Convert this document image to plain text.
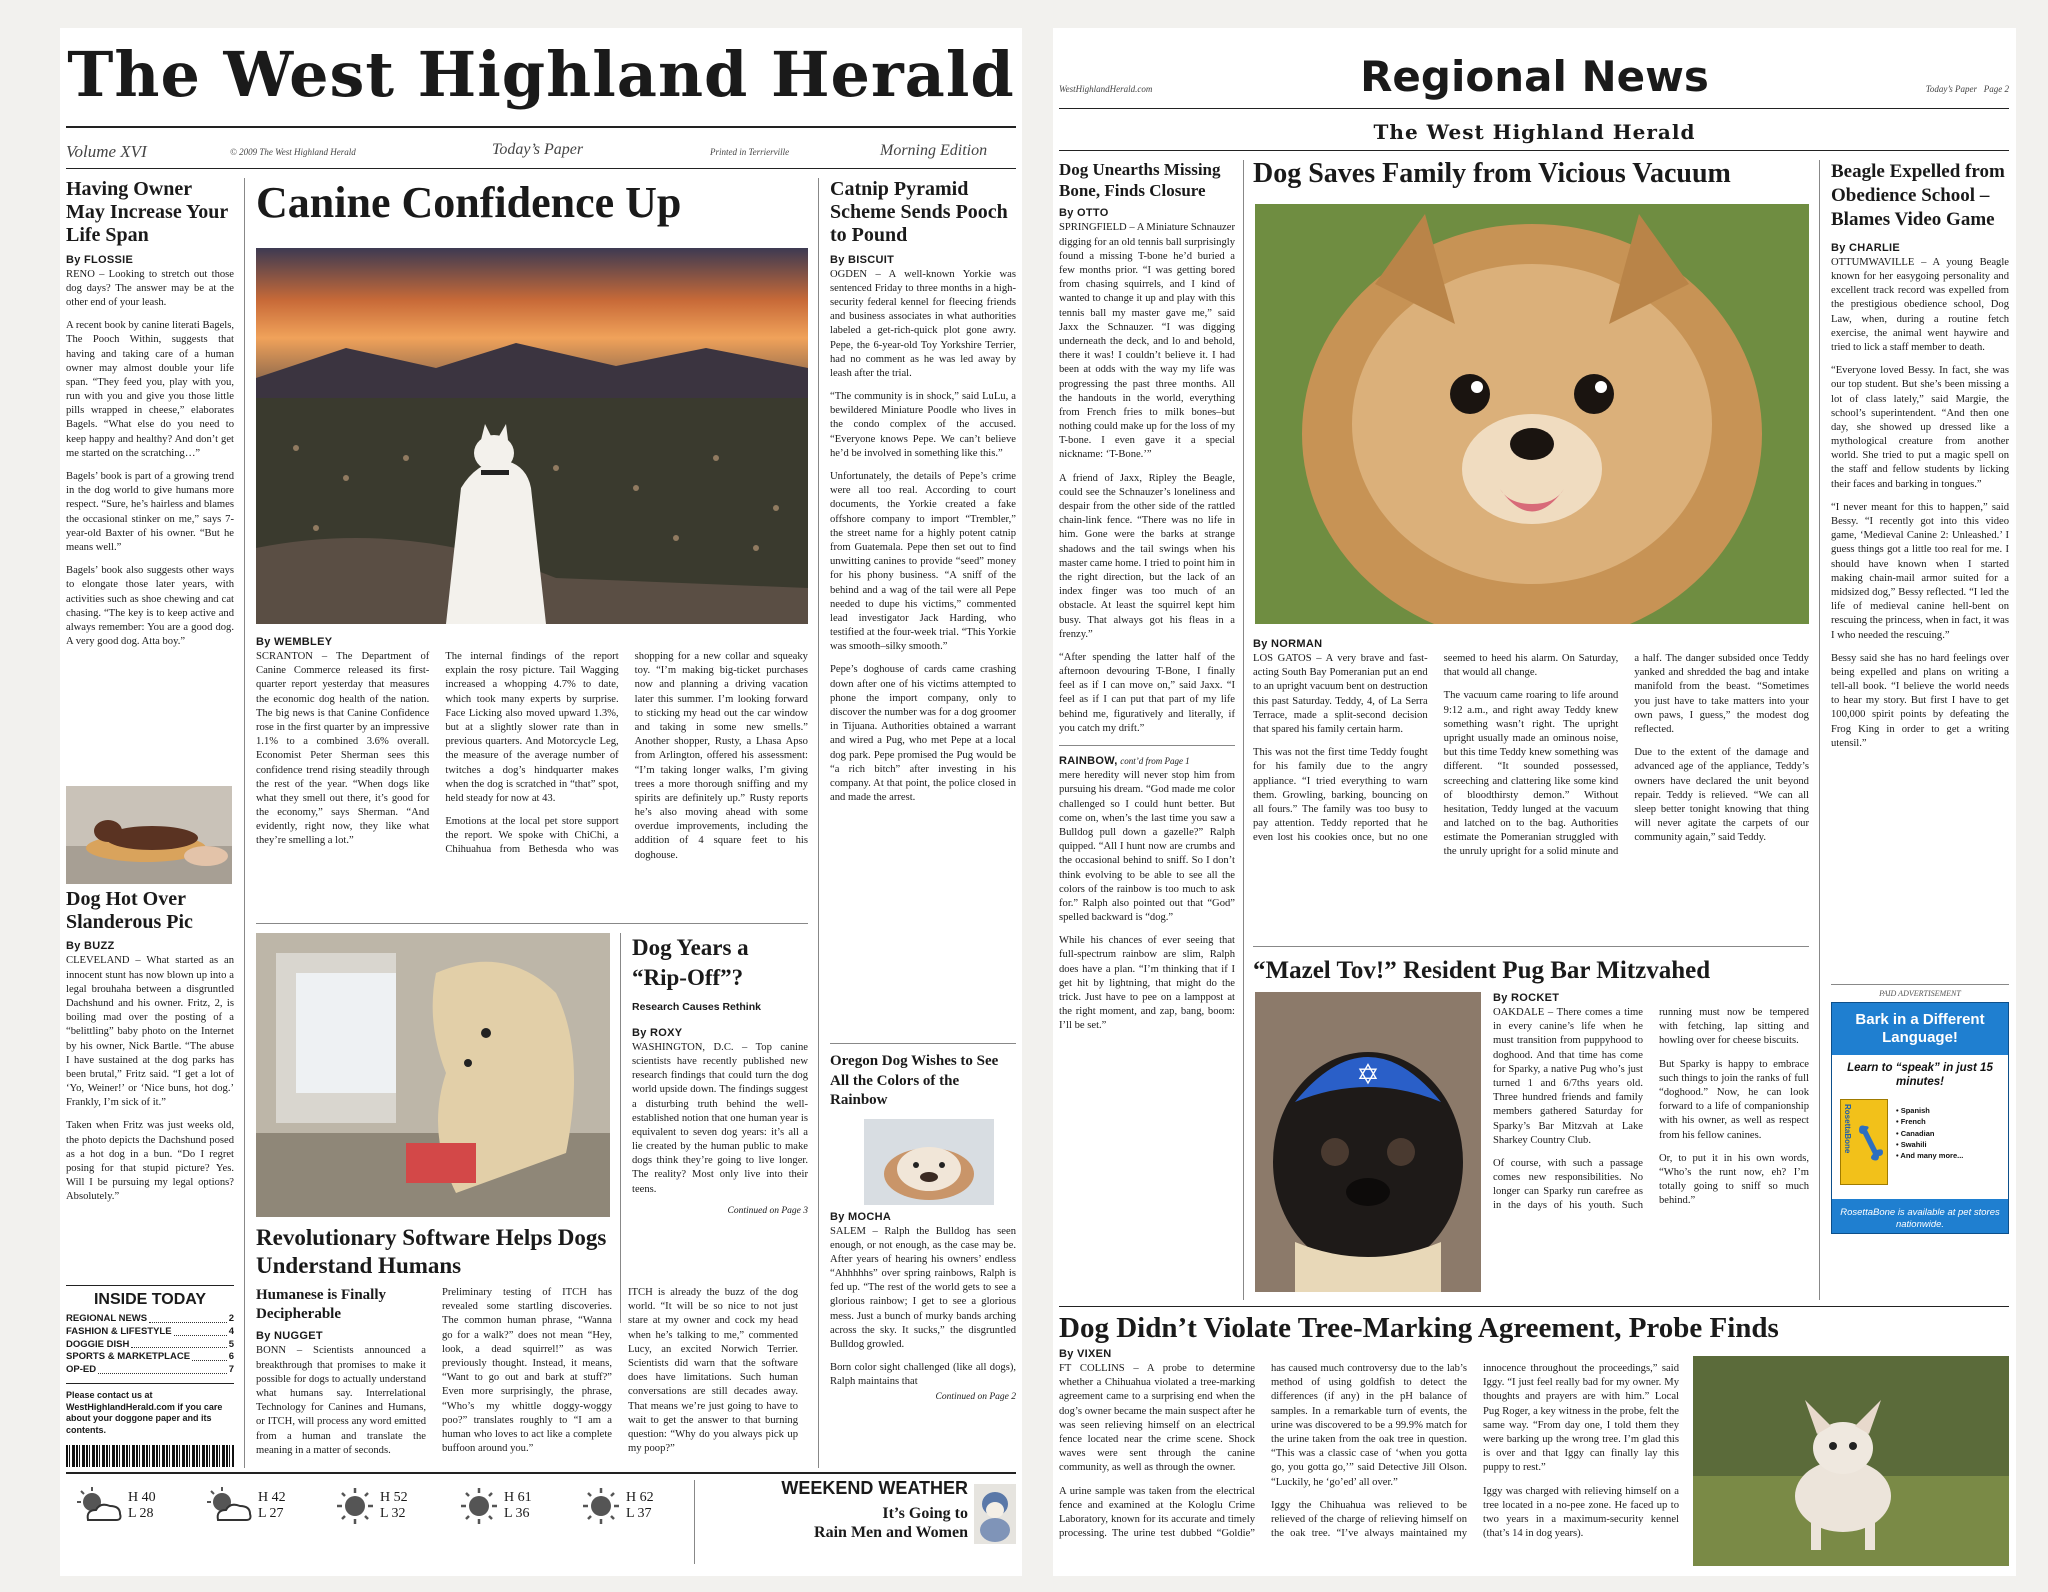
The West Highland Herald
Volume XVI	© 2009 The West Highland Herald	Today’s Paper	Printed in Terrierville	Morning Edition
Having Owner May Increase Your Life Span
By FLOSSIE

RENO – Looking to stretch out those dog days? The answer may be at the other end of your leash.

A recent book by canine literati Bagels, The Pooch Within, suggests that having and taking care of a human owner may almost double your life span. “They feed you, play with you, run with you and give you those little pills wrapped in cheese,” elaborates Bagels. “What else do you need to keep happy and healthy? And don’t get me started on the scratching…”

Bagels’ book is part of a growing trend in the dog world to give humans more respect. “Sure, he’s hairless and blames the occasional stinker on me,” says 7-year-old Baxter of his owner. “But he means well.”

Bagels’ book also suggests other ways to elongate those later years, with activities such as shoe chewing and cat chasing. “The key is to keep active and always remember: You are a good dog. A very good dog. Atta boy.”

Dog Hot Over Slanderous Pic
By BUZZ

CLEVELAND – What started as an innocent stunt has now blown up into a legal brouhaha between a disgruntled Dachshund and his owner. Fritz, 2, is boiling mad over the posting of a “belittling” baby photo on the Internet by his owner, Nick Bartle. “The abuse I have sustained at the dog parks has been brutal,” Fritz said. “I get a lot of ‘Yo, Weiner!’ or ‘Nice buns, hot dog.’ Frankly, I’m sick of it.”

Taken when Fritz was just weeks old, the photo depicts the Dachshund posed as a hot dog in a bun. “Do I regret posing for that stupid picture? Yes. Will I be pursuing my legal options? Absolutely.”

INSIDE TODAY
REGIONAL NEWS	2
FASHION & LIFESTYLE	4
DOGGIE DISH	5
SPORTS & MARKETPLACE	6
OP-ED	7
Please contact us at WestHighlandHerald.com if you care about your doggone paper and its contents.
Canine Confidence Up
By WEMBLEY

SCRANTON – The Department of Canine Commerce released its first-quarter report yesterday that measures the economic dog health of the nation. The big news is that Canine Confidence rose in the first quarter by an impressive 1.1% to a combined 3.6% overall. Economist Peter Sherman sees this confidence trend rising steadily through the rest of the year. “When dogs like what they smell out there, it’s good for the economy,” says Sherman. “And evidently, right now, they like what they’re smelling a lot.”

The internal findings of the report explain the rosy picture. Tail Wagging increased a whopping 4.7% to date, which took many experts by surprise. Face Licking also moved upward 1.3%, but at a slightly slower rate than in previous quarters. And Motorcycle Leg, the measure of the average number of twitches a dog’s hindquarter makes when the dog is scratched in “that” spot, held steady for now at 43.

Emotions at the local pet store support the report. We spoke with ChiChi, a Chihuahua from Bethesda who was shopping for a new collar and squeaky toy. “I’m making big-ticket purchases now and planning a driving vacation later this summer. I’m looking forward to sticking my head out the car window and taking in some new smells.” Another shopper, Rusty, a Lhasa Apso from Arlington, offered his assessment: “I’m taking longer walks, I’m giving trees a more thorough sniffing and my spirits are definitely up.” Rusty reports he’s also moving ahead with some overdue improvements, including the addition of 4 square feet to his doghouse.

Revolutionary Software Helps Dogs Understand Humans
Dog Years a “Rip-Off”?
Research Causes Rethink
By ROXY

WASHINGTON, D.C. – Top canine scientists have recently published new research findings that could turn the dog world upside down. The findings suggest a disturbing truth behind the well-established notion that one human year is equivalent to seven dog years: it’s all a lie created by the human public to make dogs think they’re going to live longer. The reality? Most only live into their teens.

Continued on Page 3
Humanese is Finally Decipherable
By NUGGET

BONN – Scientists announced a breakthrough that promises to make it possible for dogs to actually understand what humans say. Interrelational Technology for Canines and Humans, or ITCH, will process any word emitted from a human and translate the meaning in a matter of seconds.

Preliminary testing of ITCH has revealed some startling discoveries. The common human phrase, “Wanna go for a walk?” does not mean “Hey, look, a dead squirrel!” as was previously thought. Instead, it means, “Want to go out and bark at stuff?” Even more surprisingly, the phrase, “Who’s my whittle doggy-woggy poo?” translates roughly to “I am a human who loves to act like a complete buffoon around you.”

ITCH is already the buzz of the dog world. “It will be so nice to not just stare at my owner and cock my head when he’s talking to me,” commented Lucy, an excited Norwich Terrier. Scientists did warn that the software does have limitations. Such human conversations are still decades away. That means we’re just going to have to wait to get the answer to that burning question: “Why do you always pick up my poop?”

Catnip Pyramid Scheme Sends Pooch to Pound
By BISCUIT

OGDEN – A well-known Yorkie was sentenced Friday to three months in a high-security federal kennel for fleecing friends and business associates in what authorities labeled a get-rich-quick plot gone awry. Pepe, the 6-year-old Toy Yorkshire Terrier, had no comment as he was led away by leash after the trial.

“The community is in shock,” said LuLu, a bewildered Miniature Poodle who lives in the condo complex of the accused. “Everyone knows Pepe. We can’t believe he’d be involved in something like this.”

Unfortunately, the details of Pepe’s crime were all too real. According to court documents, the Yorkie created a fake offshore company to import “Trembler,” the street name for a highly potent catnip from Guatemala. Pepe then set out to find unwitting canines to provide “seed” money for his phony business. “A sniff of the behind and a wag of the tail were all Pepe needed to dupe his victims,” commented lead investigator Jack Harding, who testified at the four-week trial. “This Yorkie was smooth–silky smooth.”

Pepe’s doghouse of cards came crashing down after one of his victims attempted to phone the import company, only to discover the number was for a dog groomer in Tijuana. Authorities obtained a warrant and wired a Pug, who met Pepe at a local dog park. Pepe promised the Pug would be “a rich bitch” after investing in his company. At that point, the police closed in and made the arrest.

Oregon Dog Wishes to See All the Colors of the Rainbow
By MOCHA

SALEM – Ralph the Bulldog has seen enough, or not enough, as the case may be. After years of hearing his owners’ endless “Ahhhhhs” over spring rainbows, Ralph is fed up. “The rest of the world gets to see a glorious rainbow; I get to see a glorious mess. Just a bunch of murky bands arching across the sky. It sucks,” the disgruntled Bulldog growled.

Born color sight challenged (like all dogs), Ralph maintains that

Continued on Page 2
H 40
L 28
H 42
L 27
H 52
L 32
H 61
L 36
H 62
L 37
WEEKEND WEATHER
It’s Going to
Rain Men and Women
WestHighlandHerald.com	Regional News	Today’s Paper   Page 2
The West Highland Herald
Dog Unearths Missing Bone, Finds Closure
By OTTO

SPRINGFIELD – A Miniature Schnauzer digging for an old tennis ball surprisingly found a missing T-bone he’d buried a few months prior. “I was getting bored from chasing squirrels, and I kind of wanted to change it up and play with this tennis ball my master gave me,” said Jaxx the Schnauzer. “I was digging underneath the deck, and lo and behold, there it was! I couldn’t believe it. I had been at odds with the way my life was progressing the past three months. All the handouts in the world, everything from French fries to milk bones–but nothing could make up for the loss of my T-bone. I even gave it a special nickname: ‘T-Bone.’”

A friend of Jaxx, Ripley the Beagle, could see the Schnauzer’s loneliness and despair from the other side of the rattled chain-link fence. “There was no life in him. Gone were the barks at strange shadows and the tail swings when his master came home. I tried to point him in the right direction, but the lack of an index finger was too much of an obstacle. At least the squirrel kept him busy. That always got his fleas in a frenzy.”

“After spending the latter half of the afternoon devouring T-Bone, I finally feel as if I can move on,” said Jaxx. “I feel as if I can put that part of my life behind me, figuratively and literally, if you catch my drift.”

RAINBOW, cont’d from Page 1

mere heredity will never stop him from pursuing his dream. “God made me color challenged so I could hunt better. But come on, when’s the last time you saw a Bulldog pull down a gazelle?” Ralph quipped. “All I hunt now are crumbs and the occasional behind to sniff. So I don’t think evolving to be able to see all the colors of the rainbow is too much to ask for.” Ralph also pointed out that “God” spelled backward is “dog.”

While his chances of ever seeing that full-spectrum rainbow are slim, Ralph does have a plan. “I’m thinking that if I get hit by lightning, that might do the trick. Just have to pee on a lamppost at the right moment, and zap, bang, boom: I’ll be set.”

Dog Saves Family from Vicious Vacuum
By NORMAN

LOS GATOS – A very brave and fast-acting South Bay Pomeranian put an end to an upright vacuum bent on destruction this past Saturday. Teddy, 4, of La Serra Terrace, made a split-second decision that spared his family certain harm.

This was not the first time Teddy fought for his family due to the angry appliance. “I tried everything to warn them. Growling, barking, bouncing on all fours.” The family was too busy to pay attention. Teddy reported that he even lost his cookies once, but no one seemed to heed his alarm. On Saturday, that would all change.

The vacuum came roaring to life around 9:12 a.m., and right away Teddy knew something wasn’t right. The upright upright usually made an ominous noise, but this time Teddy knew something was different. “It sounded possessed, screeching and clattering like some kind of bloodthirsty demon.” Without hesitation, Teddy lunged at the vacuum and latched on to the bag. Authorities estimate the Pomeranian struggled with the unruly upright for a solid minute and a half. The danger subsided once Teddy yanked and shredded the bag and intake manifold from the beast. “Sometimes you just have to take matters into your own paws, I guess,” the modest dog reflected.

Due to the extent of the damage and advanced age of the appliance, Teddy’s owners have declared the unit beyond repair. Teddy is relieved. “We can all sleep better tonight knowing that thing will never agitate the carpets of our community again,” said Teddy.

“Mazel Tov!” Resident Pug Bar Mitzvahed
✡
By ROCKET

OAKDALE – There comes a time in every canine’s life when he must transition from puppyhood to doghood. And that time has come for Sparky, a native Pug who’s just turned 1 and 6/7ths years old. Three hundred friends and family members gathered Saturday for Sparky’s Bar Mitzvah at Lake Sharkey Country Club.

Of course, with such a passage comes new responsibilities. No longer can Sparky run carefree as in the days of his youth. Such running must now be tempered with fetching, lap sitting and howling over for cheese biscuits.

But Sparky is happy to embrace such things to join the ranks of full “doghood.” Now, he can look forward to a life of companionship with his owner, as well as respect from his fellow canines.

Or, to put it in his own words, “Who’s the runt now, eh? I’m totally going to sniff so much behind.”

Beagle Expelled from Obedience School – Blames Video Game
By CHARLIE

OTTUMWAVILLE – A young Beagle known for her easygoing personality and excellent track record was expelled from the prestigious obedience school, Dog Law, when, during a routine fetch exercise, the animal went haywire and tried to lick a staff member to death.

“Everyone loved Bessy. In fact, she was our top student. But she’s been missing a lot of class lately,” said Margie, the school’s superintendent. “And then one day, she showed up dressed like a mythological creature from another world. She tried to put a magic spell on the staff and fellow students by licking their faces and barking in tongues.”

“I never meant for this to happen,” said Bessy. “I recently got into this video game, ‘Medieval Canine 2: Unleashed.’ I guess things got a little too real for me. I should have known when I started making chain-mail armor suited for a midsized dog,” Bessy reflected. “I led the life of medieval canine hell-bent on rescuing the princess, when in fact, it was I who needed the rescuing.”

Bessy said she has no hard feelings over being expelled and plans on writing a tell-all book. “I believe the world needs to hear my story. But first I have to get 100,000 spirit points by defeating the Frog King in order to get a writing utensil.”

PAID ADVERTISEMENT
Bark in a Different Language!
Learn to “speak” in just 15 minutes!
RosettaBone	• Spanish
• French
• Canadian
• Swahili
• And many more...
RosettaBone is available at pet stores nationwide.
Dog Didn’t Violate Tree-Marking Agreement, Probe Finds
By VIXEN

FT COLLINS – A probe to determine whether a Chihuahua violated a tree-marking agreement came to a surprising end when the dog’s owner became the main suspect after he was seen relieving himself on an electrical fence located near the crime scene. Shock waves were sent through the canine community, as well as through the owner.

A urine sample was taken from the electrical fence and examined at the Kologlu Crime Laboratory, known for its accurate and timely processing. The urine test dubbed “Goldie” has caused much controversy due to the lab’s method of using goldfish to detect the differences (if any) in the pH balance of samples. In a remarkable turn of events, the urine was discovered to be a 99.9% match for the urine taken from the oak tree in question. “This was a classic case of ‘when you gotta go, you gotta go,’” said Detective Jill Olson. “Luckily, he ‘go’ed’ all over.”

Iggy the Chihuahua was relieved to be relieved of the charge of relieving himself on the oak tree. “I’ve always maintained my innocence throughout the proceedings,” said Iggy. “I just feel really bad for my owner. My thoughts and prayers are with him.” Local Pug Roger, a key witness in the probe, felt the same way. “From day one, I told them they were barking up the wrong tree. I’m glad this is over and that Iggy can finally lay this puppy to rest.”

Iggy was charged with relieving himself on a tree located in a no-pee zone. He faced up to two years in a maximum-security kennel (that’s 14 in dog years).
